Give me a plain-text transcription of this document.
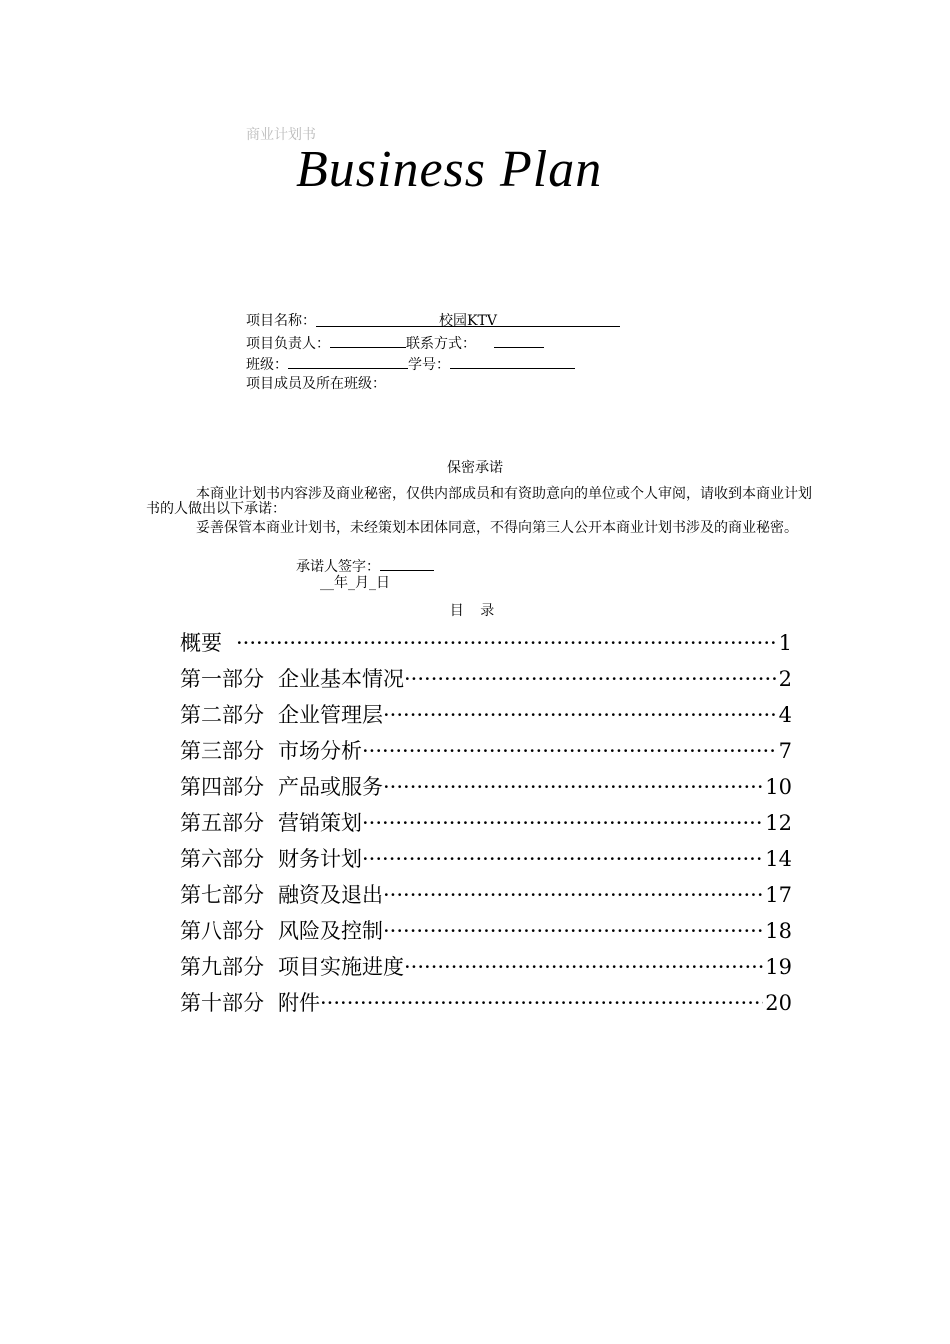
商业计划书
Business Plan
项目名称：	校园KTV
项目负责人：	联系方式：
班级：	学号：
项目成员及所在班级：
保密承诺
本商业计划书内容涉及商业秘密，仅供内部成员和有资助意向的单位或个人审阅，请收到本商业计划书的人做出以下承诺：
妥善保管本商业计划书，未经策划本团体同意，不得向第三人公开本商业计划书涉及的商业秘密。
承诺人签字：
__年_月_日
目 录
概要 ·····	1
第一部分 企业基本情况 ·····	2
第二部分 企业管理层 ·····	4
第三部分 市场分析 ·····	7
第四部分 产品或服务 ·····	10
第五部分 营销策划 ·····	12
第六部分 财务计划 ·····	14
第七部分 融资及退出 ·····	17
第八部分 风险及控制 ·····	18
第九部分 项目实施进度 ·····	19
第十部分 附件 ·····	20
